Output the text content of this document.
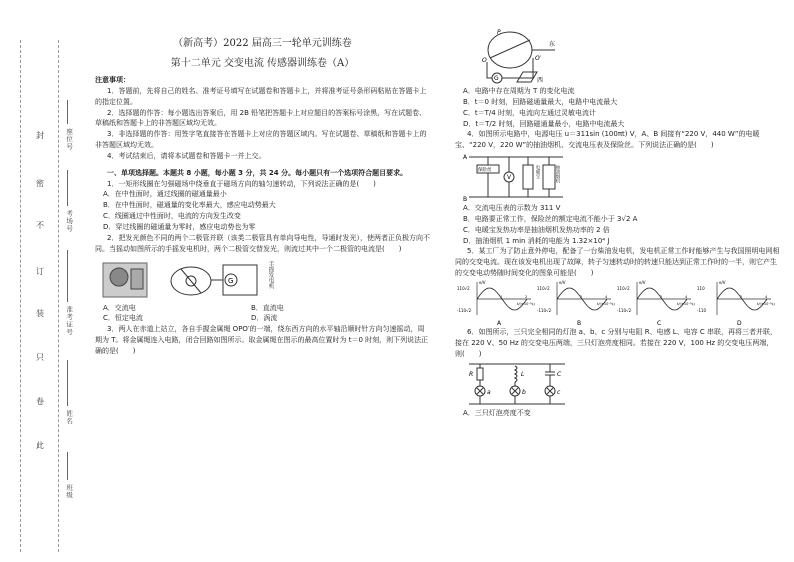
封
密
不
订
装
只
卷
此
座位号
考场号
准考证号
姓名
班级
（新高考）2022 届高三一轮单元训练卷
第十二单元 交变电流 传感器训练卷（A）

注意事项：

1．答题前，先将自己的姓名、准考证号填写在试题卷和答题卡上，并将准考证号条形码粘贴在答题卡上的指定位置。

2．选择题的作答：每小题选出答案后，用 2B 铅笔把答题卡上对应题目的答案标号涂黑，写在试题卷、草稿纸和答题卡上的非答题区域均无效。

3．非选择题的作答：用签字笔直接答在答题卡上对应的答题区域内。写在试题卷、草稿纸和答题卡上的非答题区域均无效。

4．考试结束后，请将本试题卷和答题卡一并上交。

一、单项选择题。本题共 8 小题，每小题 3 分，共 24 分。每小题只有一个选项符合题目要求。

1．一矩形线圈在匀强磁场中绕垂直于磁场方向的轴匀速转动，下列说法正确的是(　　)

A．在中性面时，通过线圈的磁通量最小

B．在中性面时，磁通量的变化率最大，感应电动势最大

C．线圈通过中性面时，电流的方向发生改变

D．穿过线圈的磁通量为零时，感应电动势也为零

2．把发光颜色不同的两个二极管并联（该类二极管具有单向导电性，导通时发光），使两者正负极方向不同。当摇动如图所示的手摇发电机时，两个二极管交替发光，则流过其中一个二极管的电流是(　　)

G	手摇发电机
A．交流电	B．直流电
C．恒定电流	D．涡流

3．两人在赤道上站立，各自手握金属绳 OPO′的一端，绕东西方向的水平轴沿顺时针方向匀速摇动，周期为 T。将金属绳连入电路，闭合回路如图所示。取金属绳在图示的最高位置时为 t＝0 时刻，则下列说法正确的是(　　)

P
东
O	O′
G	西

A．电路中存在周期为 T 的变化电流

B．t＝0 时刻，回路磁通量最大，电路中电流最大

C．t＝T/4 时刻，电流向左通过灵敏电流计

D．t＝T/2 时刻，回路磁通量最小，电路中电流最大

4．如图所示电路中，电源电压 u＝311sin (100πt) V，A、B 间接有“220 V，440 W”的电暖宝、“220 V，220 W”的抽油烟机、交流电压表及保险丝。下列说法正确的是(　　)

A
B
保险丝
V	电暖宝	抽油烟机

A．交流电压表的示数为 311 V

B．电路要正常工作，保险丝的额定电流不能小于 3√2 A

C．电暖宝发热功率是抽油烟机发热功率的 2 倍

D．抽油烟机 1 min 消耗的电能为 1.32×10⁴ J

5．某工厂为了防止意外停电，配备了一台柴油发电机，发电机正常工作时能够产生与我国照明电网相同的交变电流。现在该发电机出现了故障，转子匀速转动时的转速只能达到正常工作时的一半，则它产生的交变电动势随时间变化的图象可能是(　　)

e/V
110√2
-110√2
t/(×10⁻²s)
1	2
A
e/V
110√2
-110√2
t/(×10⁻²s)
2	4
B
e/V
110√2
-110√2
t/(×10⁻²s)
2	4
C
e/V
110
-110
t/(×10⁻²s)
2	4
D

6．如图所示，三只完全相同的灯泡 a、b、c 分别与电阻 R、电感 L、电容 C 串联，再将三者并联，接在 220 V、50 Hz 的交变电压两端，三只灯泡亮度相同。若接在 220 V，100 Hz 的交变电压两端，则(　　)

R
a
L
b
C
c

A．三只灯泡亮度不变
